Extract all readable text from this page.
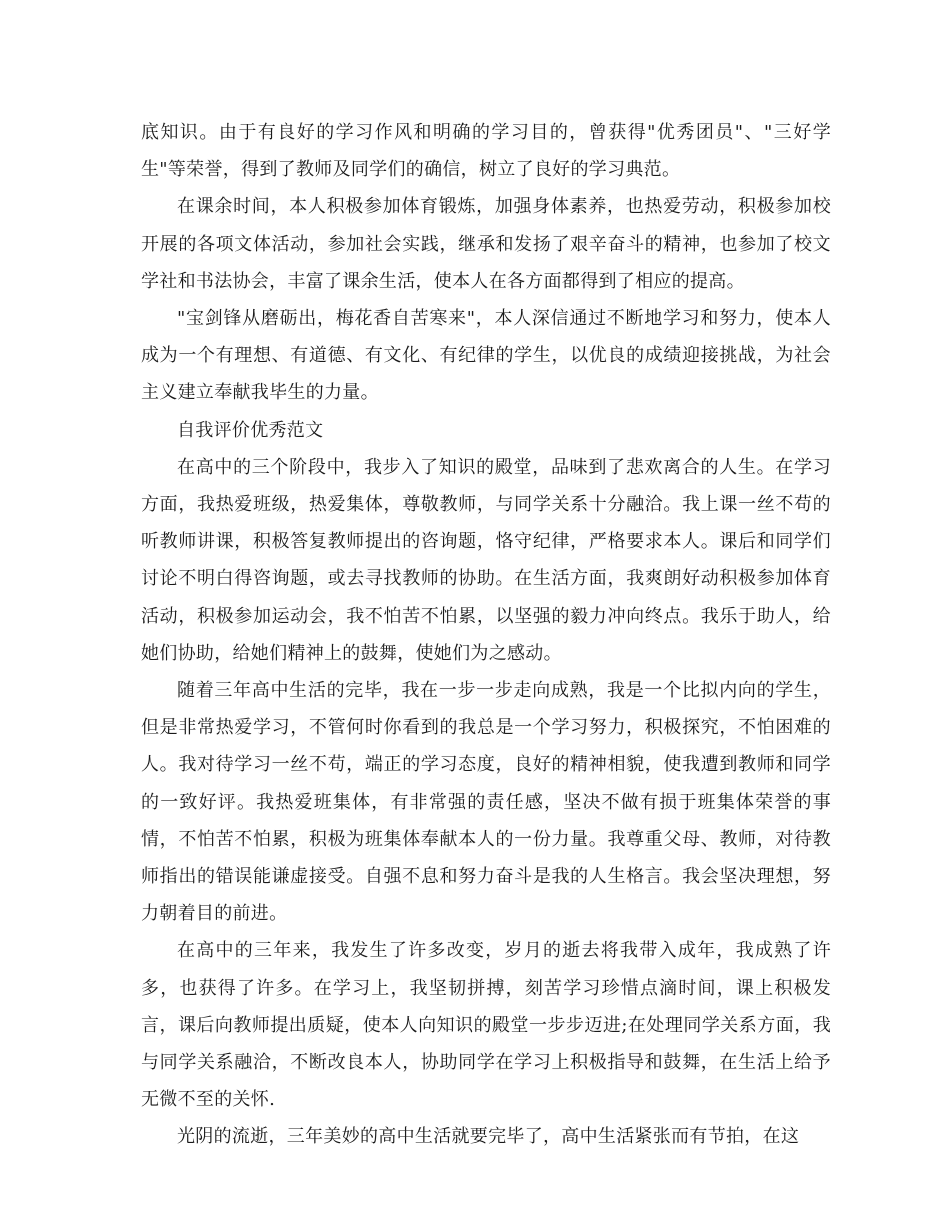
底知识。由于有良好的学习作风和明确的学习目的，曾获得"优秀团员"、"三好学生"等荣誉，得到了教师及同学们的确信，树立了良好的学习典范。

在课余时间，本人积极参加体育锻炼，加强身体素养，也热爱劳动，积极参加校开展的各项文体活动，参加社会实践，继承和发扬了艰辛奋斗的精神，也参加了校文学社和书法协会，丰富了课余生活，使本人在各方面都得到了相应的提高。

"宝剑锋从磨砺出，梅花香自苦寒来"，本人深信通过不断地学习和努力，使本人成为一个有理想、有道德、有文化、有纪律的学生，以优良的成绩迎接挑战，为社会主义建立奉献我毕生的力量。

自我评价优秀范文

在高中的三个阶段中，我步入了知识的殿堂，品味到了悲欢离合的人生。在学习方面，我热爱班级，热爱集体，尊敬教师，与同学关系十分融洽。我上课一丝不苟的听教师讲课，积极答复教师提出的咨询题，恪守纪律，严格要求本人。课后和同学们讨论不明白得咨询题，或去寻找教师的协助。在生活方面，我爽朗好动积极参加体育活动，积极参加运动会，我不怕苦不怕累，以坚强的毅力冲向终点。我乐于助人，给她们协助，给她们精神上的鼓舞，使她们为之感动。

随着三年高中生活的完毕，我在一步一步走向成熟，我是一个比拟内向的学生，但是非常热爱学习，不管何时你看到的我总是一个学习努力，积极探究，不怕困难的人。我对待学习一丝不苟，端正的学习态度，良好的精神相貌，使我遭到教师和同学的一致好评。我热爱班集体，有非常强的责任感，坚决不做有损于班集体荣誉的事情，不怕苦不怕累，积极为班集体奉献本人的一份力量。我尊重父母、教师，对待教师指出的错误能谦虚接受。自强不息和努力奋斗是我的人生格言。我会坚决理想，努力朝着目的前进。

在高中的三年来，我发生了许多改变，岁月的逝去将我带入成年，我成熟了许多，也获得了许多。在学习上，我坚韧拼搏，刻苦学习珍惜点滴时间，课上积极发言，课后向教师提出质疑，使本人向知识的殿堂一步步迈进;在处理同学关系方面，我与同学关系融洽，不断改良本人，协助同学在学习上积极指导和鼓舞，在生活上给予无微不至的关怀.

光阴的流逝，三年美妙的高中生活就要完毕了，高中生活紧张而有节拍，在这
